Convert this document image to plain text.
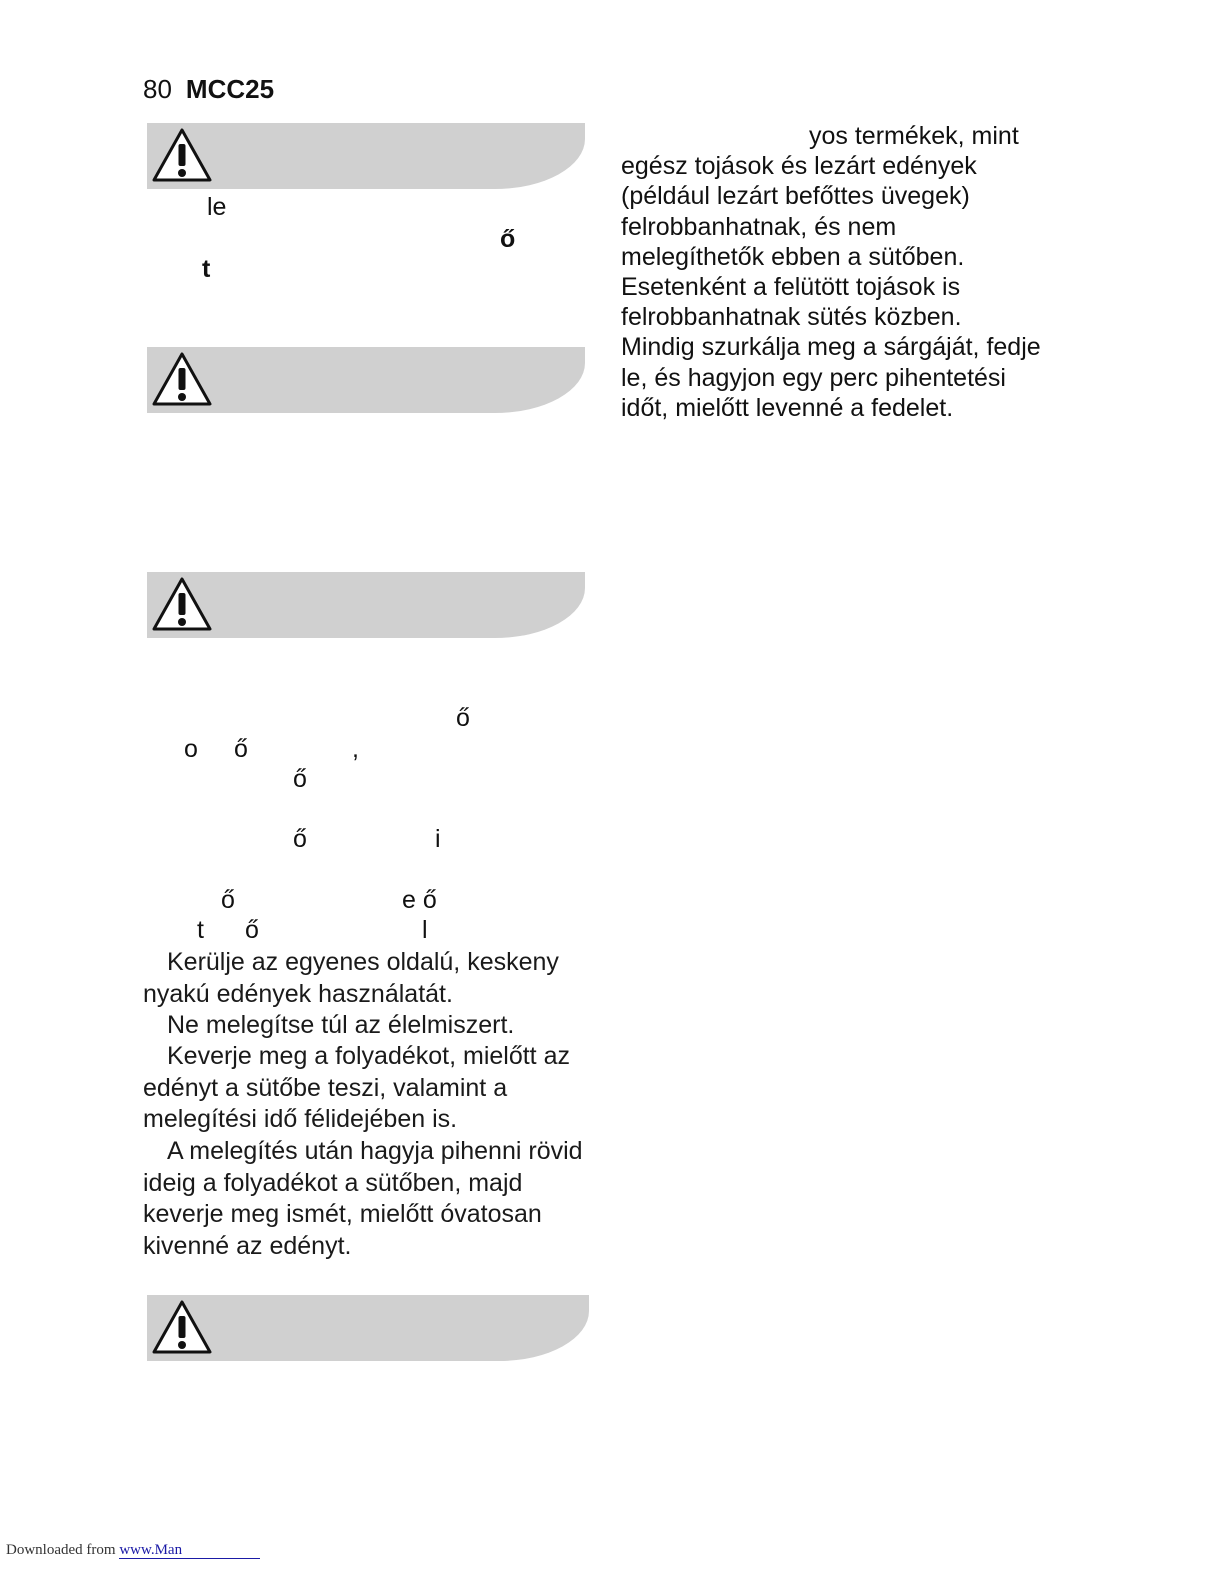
80 MCC25
le
ő
t
ő
o ő	,
ő
ő	i
ő	e ő
t ő	l
Kerülje az egyenes oldalú, keskeny
nyakú edények használatát.
Ne melegítse túl az élelmiszert.
Keverje meg a folyadékot, mielőtt az
edényt a sütőbe teszi, valamint a
melegítési idő félidejében is.
A melegítés után hagyja pihenni rövid
ideig a folyadékot a sütőben, majd
keverje meg ismét, mielőtt óvatosan
kivenné az edényt.
yos termékek, mint
egész tojások és lezárt edények
(például lezárt befőttes üvegek)
felrobbanhatnak, és nem
melegíthetők ebben a sütőben.
Esetenként a felütött tojások is
felrobbanhatnak sütés közben.
Mindig szurkálja meg a sárgáját, fedje
le, és hagyjon egy perc pihentetési
időt, mielőtt levenné a fedelet.
Downloaded from www.Man
